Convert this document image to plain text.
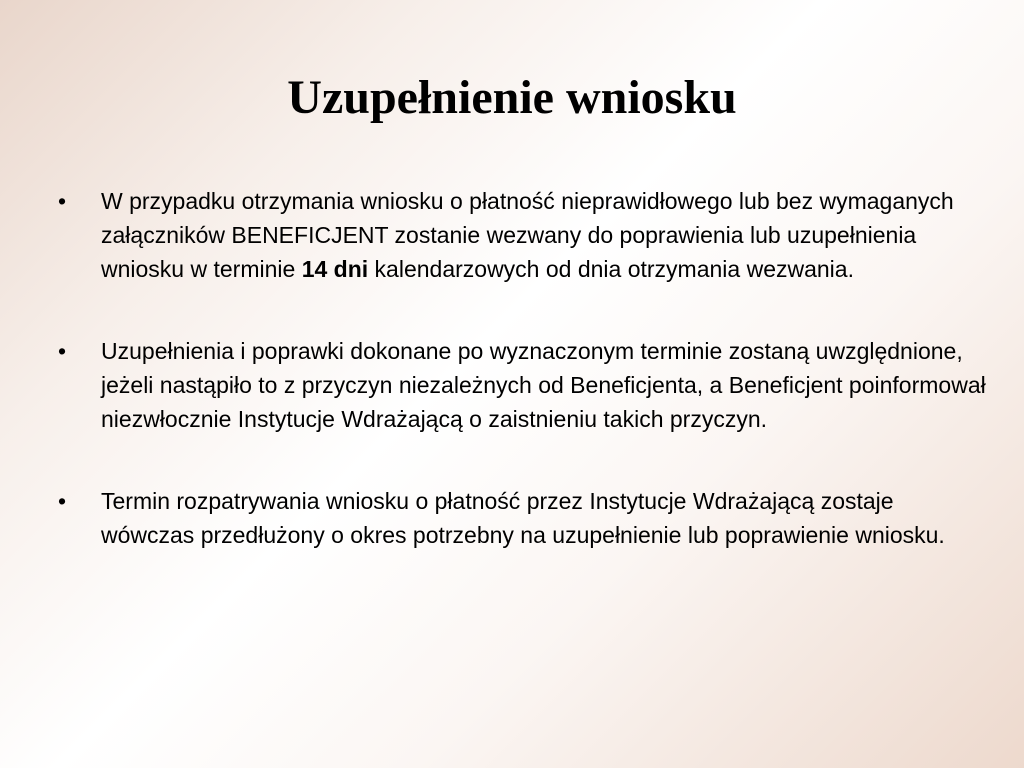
Uzupełnienie wniosku
•	W przypadku otrzymania wniosku o płatność nieprawidłowego lub bez wymaganych załączników BENEFICJENT zostanie wezwany do poprawienia lub uzupełnienia wniosku w terminie 14 dni kalendarzowych od dnia otrzymania wezwania.
•	Uzupełnienia i poprawki dokonane po wyznaczonym terminie zostaną uwzględnione, jeżeli nastąpiło to z przyczyn niezależnych od Beneficjenta, a Beneficjent poinformował niezwłocznie Instytucje Wdrażającą o zaistnieniu takich przyczyn.
•	Termin rozpatrywania wniosku o płatność przez Instytucje Wdrażającą zostaje wówczas przedłużony o okres potrzebny na uzupełnienie lub poprawienie wniosku.
